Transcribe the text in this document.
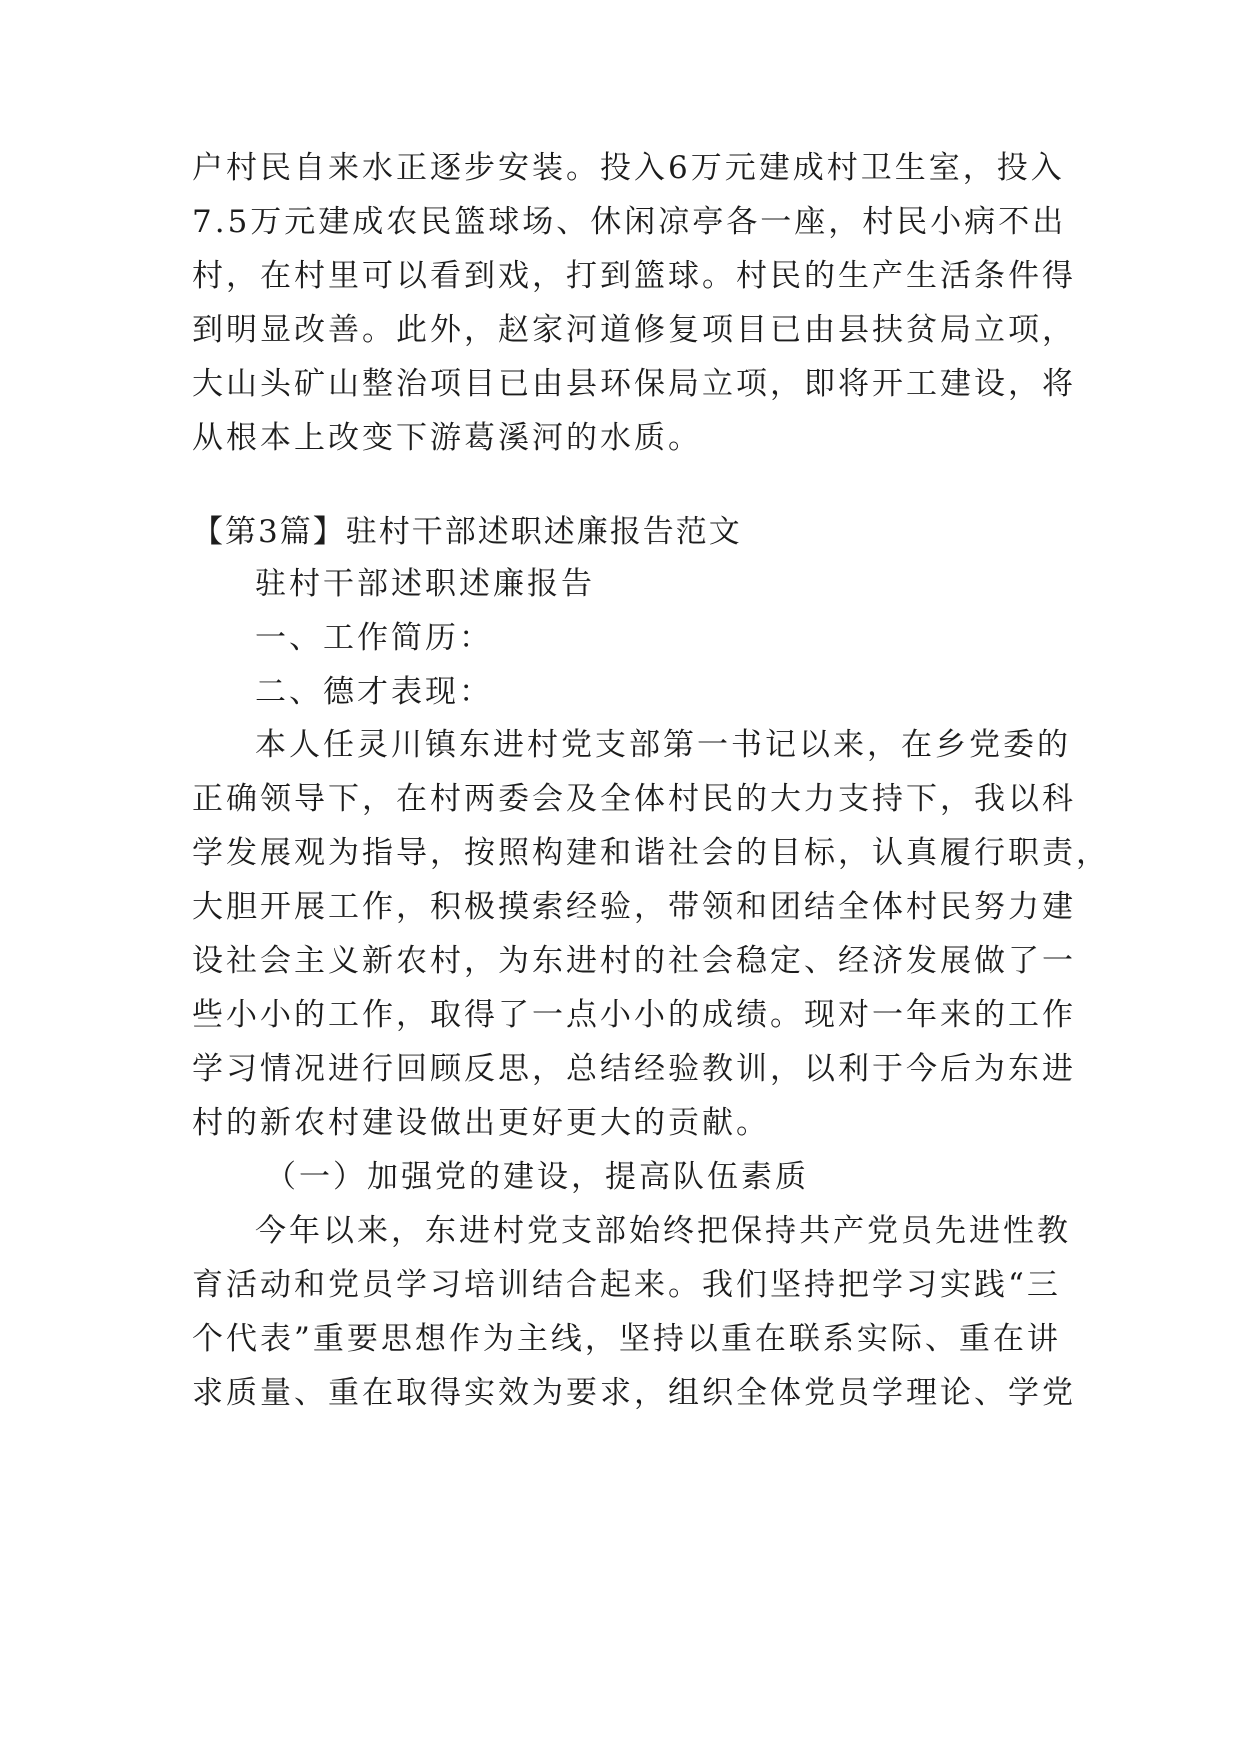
户村民自来水正逐步安装。投入6万元建成村卫生室，投入
7.5万元建成农民篮球场、休闲凉亭各一座，村民小病不出
村，在村里可以看到戏，打到篮球。村民的生产生活条件得
到明显改善。此外，赵家河道修复项目已由县扶贫局立项，
大山头矿山整治项目已由县环保局立项，即将开工建设，将
从根本上改变下游葛溪河的水质。
【第3篇】驻村干部述职述廉报告范文
驻村干部述职述廉报告
一、工作简历：
二、德才表现：
本人任灵川镇东进村党支部第一书记以来，在乡党委的
正确领导下，在村两委会及全体村民的大力支持下，我以科
学发展观为指导，按照构建和谐社会的目标，认真履行职责，
大胆开展工作，积极摸索经验，带领和团结全体村民努力建
设社会主义新农村，为东进村的社会稳定、经济发展做了一
些小小的工作，取得了一点小小的成绩。现对一年来的工作
学习情况进行回顾反思，总结经验教训，以利于今后为东进
村的新农村建设做出更好更大的贡献。
（一）加强党的建设，提高队伍素质
今年以来，东进村党支部始终把保持共产党员先进性教
育活动和党员学习培训结合起来。我们坚持把学习实践“三
个代表”重要思想作为主线，坚持以重在联系实际、重在讲
求质量、重在取得实效为要求，组织全体党员学理论、学党
